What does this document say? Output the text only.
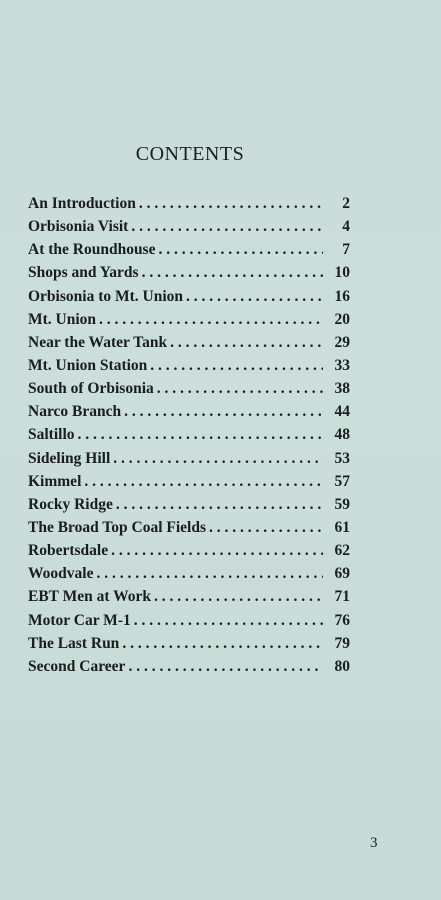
CONTENTS
An Introduction . . .	2
Orbisonia Visit . . .	4
At the Roundhouse . . .	7
Shops and Yards . . .	10
Orbisonia to Mt. Union . . .	16
Mt. Union . . .	20
Near the Water Tank . . .	29
Mt. Union Station . . .	33
South of Orbisonia . . .	38
Narco Branch . . .	44
Saltillo . . .	48
Sideling Hill . . .	53
Kimmel . . .	57
Rocky Ridge . . .	59
The Broad Top Coal Fields . . .	61
Robertsdale . . .	62
Woodvale . . .	69
EBT Men at Work . . .	71
Motor Car M-1 . . .	76
The Last Run . . .	79
Second Career . . .	80
3
